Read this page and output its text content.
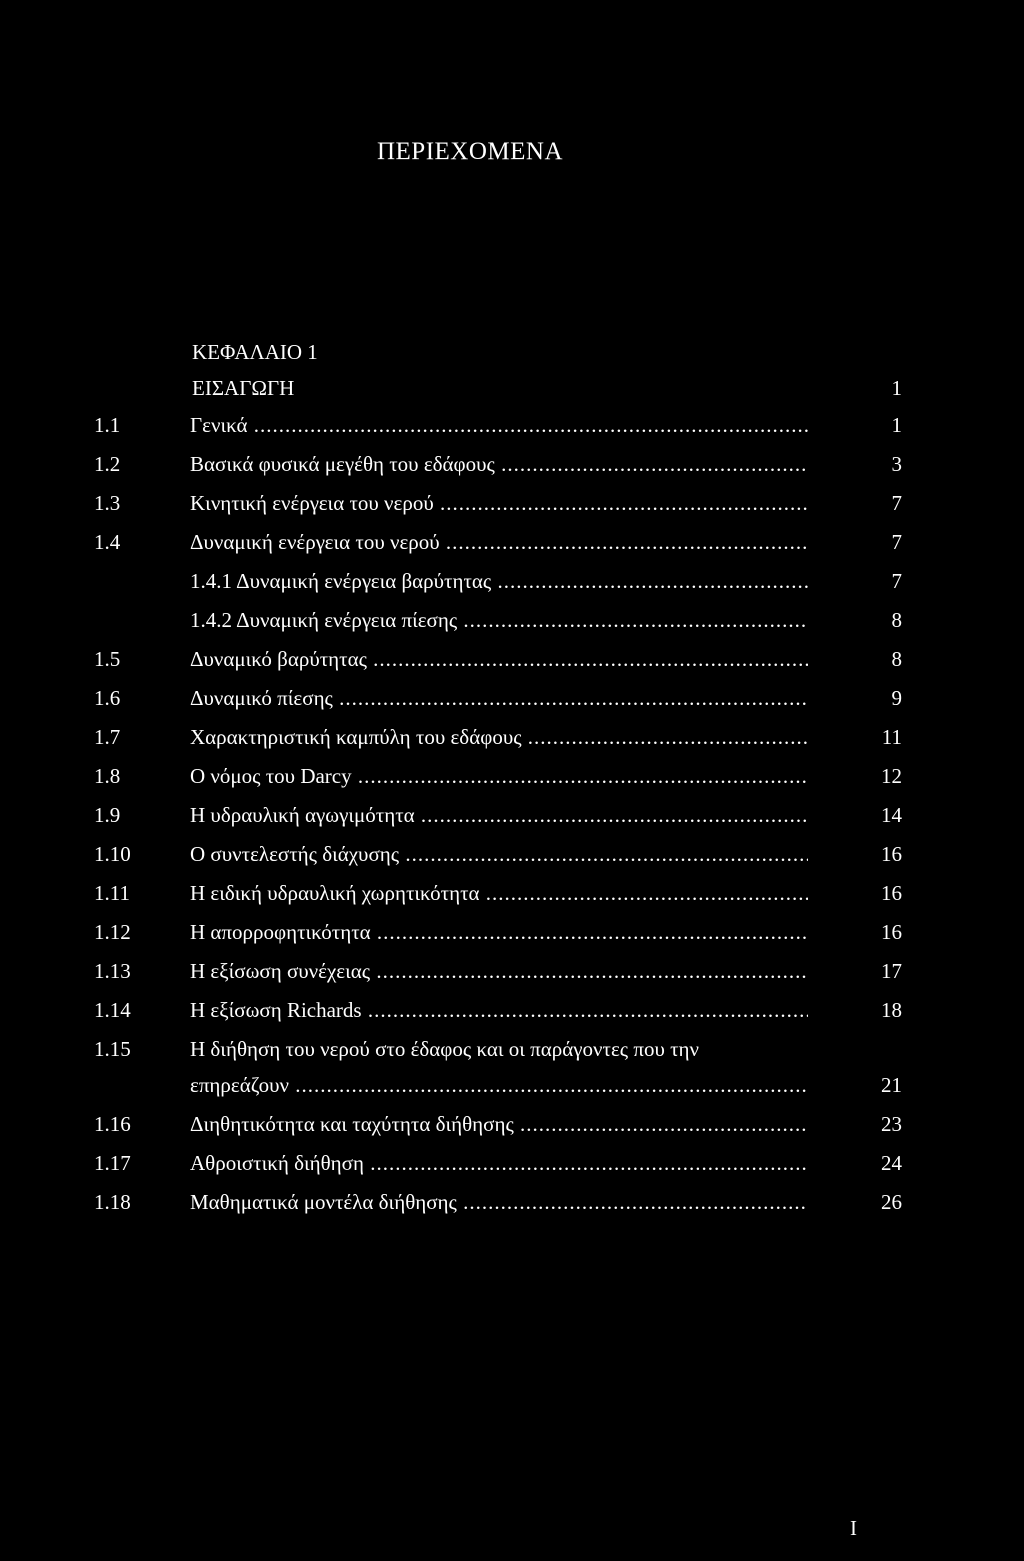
ΠΕΡΙΕΧΟΜΕΝΑ
ΚΕΦΑΛΑΙΟ 1
ΕΙΣΑΓΩΓΗ	1
1.1	Γενικά .....	1
1.2	Βασικά φυσικά μεγέθη του εδάφους .....	3
1.3	Κινητική ενέργεια του νερού .....	7
1.4	Δυναμική ενέργεια του νερού .....	7
1.4.1 Δυναμική ενέργεια βαρύτητας .....	7
1.4.2 Δυναμική ενέργεια πίεσης .....	8
1.5	Δυναμικό βαρύτητας .....	8
1.6	Δυναμικό πίεσης .....	9
1.7	Χαρακτηριστική καμπύλη του εδάφους .....	11
1.8	Ο νόμος του Darcy .....	12
1.9	Η υδραυλική αγωγιμότητα .....	14
1.10	Ο συντελεστής διάχυσης .....	16
1.11	Η ειδική υδραυλική χωρητικότητα .....	16
1.12	Η απορροφητικότητα .....	16
1.13	Η εξίσωση συνέχειας .....	17
1.14	Η εξίσωση Richards .....	18
1.15	Η διήθηση του νερού στο έδαφος και οι παράγοντες που την
επηρεάζουν .....	21
1.16	Διηθητικότητα και ταχύτητα διήθησης .....	23
1.17	Αθροιστική διήθηση .....	24
1.18	Μαθηματικά μοντέλα διήθησης .....	26
I
